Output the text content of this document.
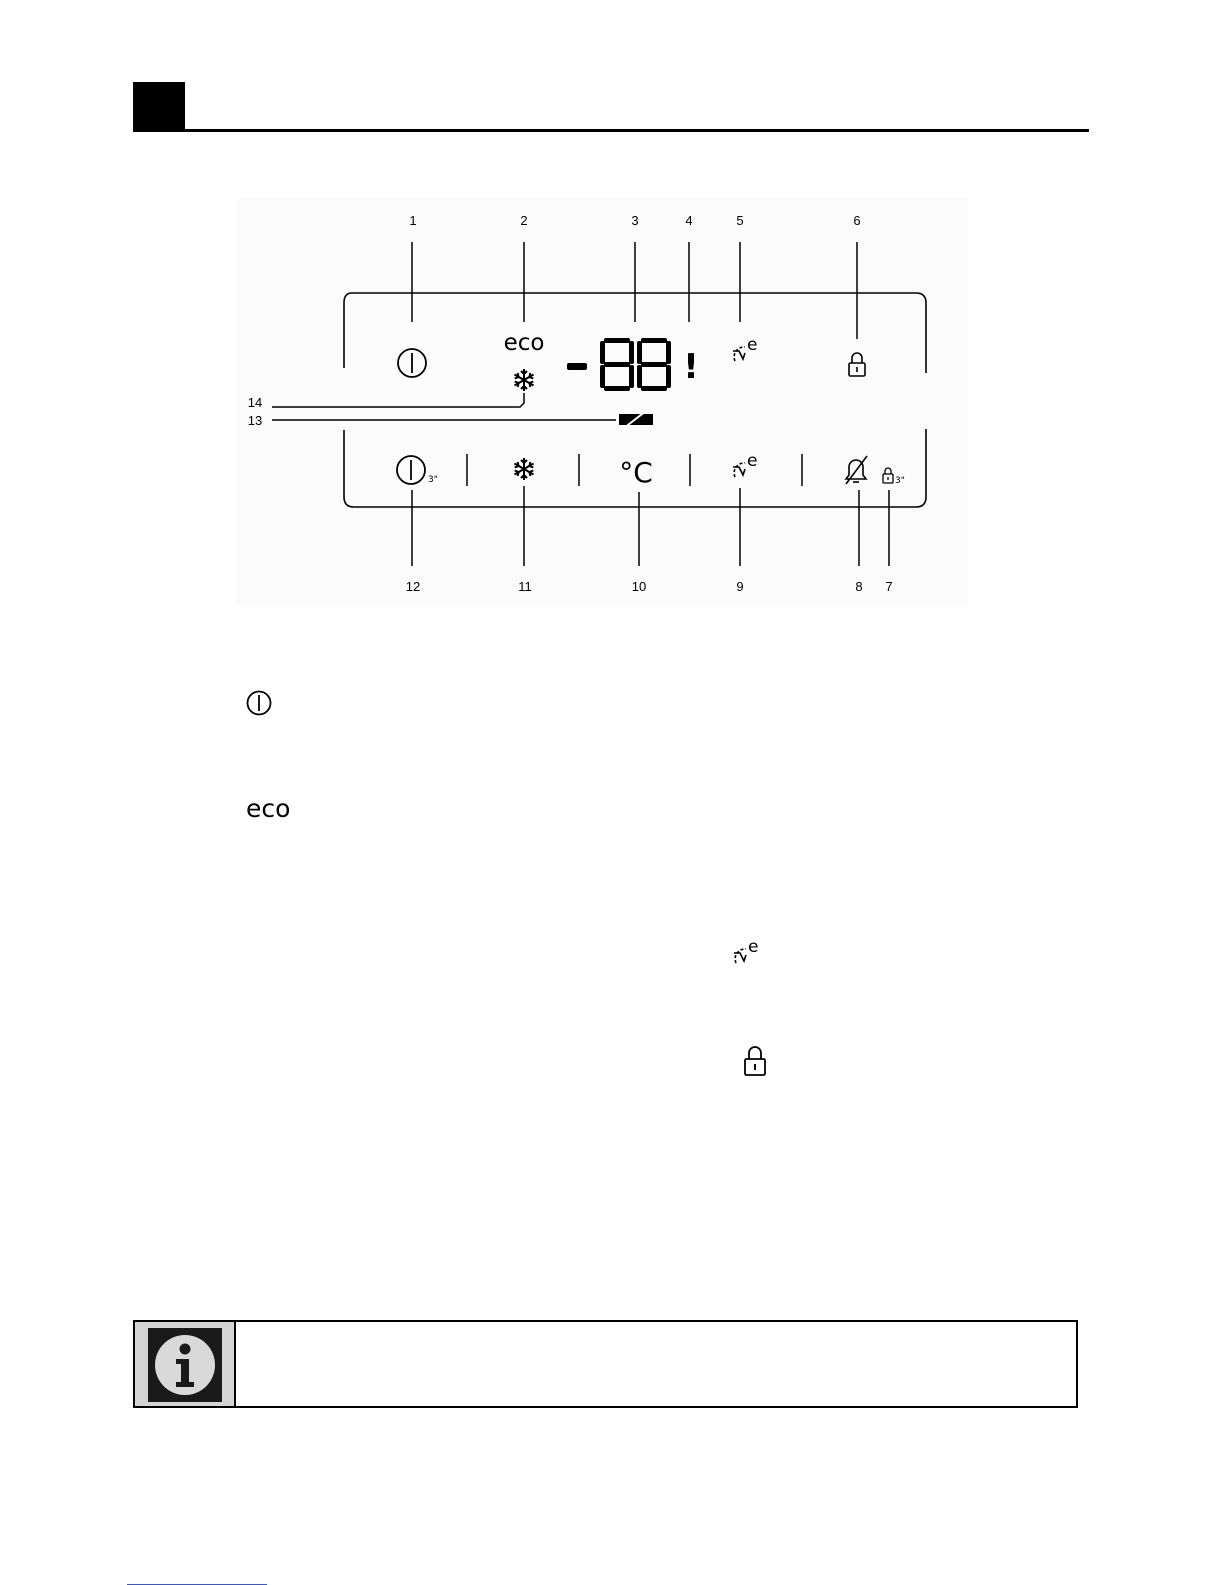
1	2	3	4	5	6
eco
!
e
14
13
3"	°C	e
3"
12	11	10	9	8 7
eco
e
